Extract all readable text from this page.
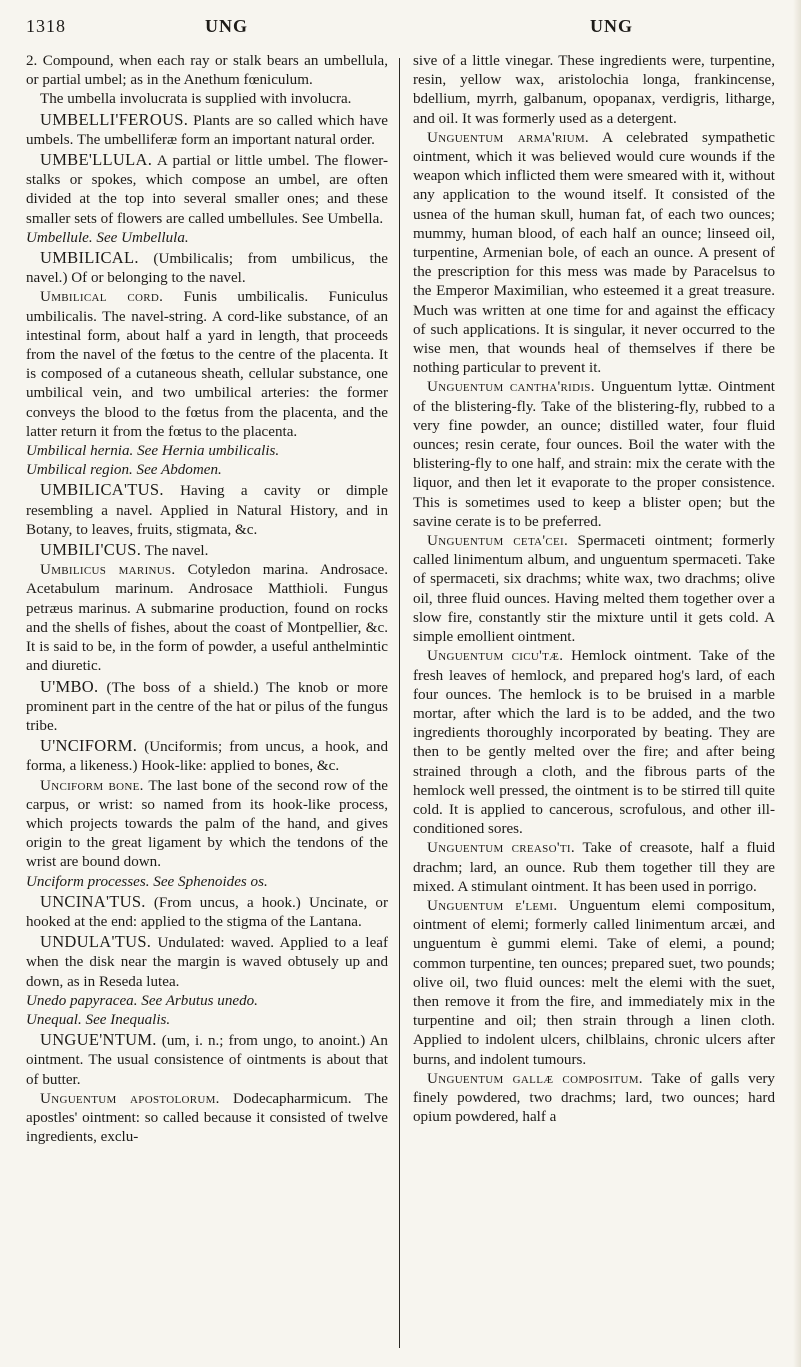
1318	UNG	UNG

2. Compound, when each ray or stalk bears an umbellula, or partial umbel; as in the Anethum fœniculum.

The umbella involucrata is supplied with involucra.

UMBELLI'FEROUS. Plants are so called which have umbels. The umbelliferæ form an important natural order.

UMBE'LLULA. A partial or little umbel. The flower-stalks or spokes, which compose an umbel, are often divided at the top into several smaller ones; and these smaller sets of flowers are called umbellules. See Umbella.

Umbellule. See Umbellula.

UMBILICAL. (Umbilicalis; from umbilicus, the navel.) Of or belonging to the navel.

Umbilical cord. Funis umbilicalis. Funiculus umbilicalis. The navel-string. A cord-like substance, of an intestinal form, about half a yard in length, that proceeds from the navel of the fœtus to the centre of the placenta. It is composed of a cutaneous sheath, cellular substance, one umbilical vein, and two umbilical arteries: the former conveys the blood to the fœtus from the placenta, and the latter return it from the fœtus to the placenta.

Umbilical hernia. See Hernia umbilicalis.

Umbilical region. See Abdomen.

UMBILICA'TUS. Having a cavity or dimple resembling a navel. Applied in Natural History, and in Botany, to leaves, fruits, stigmata, &c.

UMBILI'CUS. The navel.

Umbilicus marinus. Cotyledon marina. Androsace. Acetabulum marinum. Androsace Matthioli. Fungus petræus marinus. A submarine production, found on rocks and the shells of fishes, about the coast of Montpellier, &c. It is said to be, in the form of powder, a useful anthelmintic and diuretic.

U'MBO. (The boss of a shield.) The knob or more prominent part in the centre of the hat or pilus of the fungus tribe.

U'NCIFORM. (Unciformis; from uncus, a hook, and forma, a likeness.) Hook-like: applied to bones, &c.

Unciform bone. The last bone of the second row of the carpus, or wrist: so named from its hook-like process, which projects towards the palm of the hand, and gives origin to the great ligament by which the tendons of the wrist are bound down.

Unciform processes. See Sphenoides os.

UNCINA'TUS. (From uncus, a hook.) Uncinate, or hooked at the end: applied to the stigma of the Lantana.

UNDULA'TUS. Undulated: waved. Applied to a leaf when the disk near the margin is waved obtusely up and down, as in Reseda lutea.

Unedo papyracea. See Arbutus unedo.

Unequal. See Inequalis.

UNGUE'NTUM. (um, i. n.; from ungo, to anoint.) An ointment. The usual consistence of ointments is about that of butter.

Unguentum apostolorum. Dodecapharmicum. The apostles' ointment: so called because it consisted of twelve ingredients, exclu-

sive of a little vinegar. These ingredients were, turpentine, resin, yellow wax, aristolochia longa, frankincense, bdellium, myrrh, galbanum, opopanax, verdigris, litharge, and oil. It was formerly used as a detergent.

Unguentum arma'rium. A celebrated sympathetic ointment, which it was believed would cure wounds if the weapon which inflicted them were smeared with it, without any application to the wound itself. It consisted of the usnea of the human skull, human fat, of each two ounces; mummy, human blood, of each half an ounce; linseed oil, turpentine, Armenian bole, of each an ounce. A present of the prescription for this mess was made by Paracelsus to the Emperor Maximilian, who esteemed it a great treasure. Much was written at one time for and against the efficacy of such applications. It is singular, it never occurred to the wise men, that wounds heal of themselves if there be nothing particular to prevent it.

Unguentum cantha'ridis. Unguentum lyttæ. Ointment of the blistering-fly. Take of the blistering-fly, rubbed to a very fine powder, an ounce; distilled water, four fluid ounces; resin cerate, four ounces. Boil the water with the blistering-fly to one half, and strain: mix the cerate with the liquor, and then let it evaporate to the proper consistence. This is sometimes used to keep a blister open; but the savine cerate is to be preferred.

Unguentum ceta'cei. Spermaceti ointment; formerly called linimentum album, and unguentum spermaceti. Take of spermaceti, six drachms; white wax, two drachms; olive oil, three fluid ounces. Having melted them together over a slow fire, constantly stir the mixture until it gets cold. A simple emollient ointment.

Unguentum cicu'tæ. Hemlock ointment. Take of the fresh leaves of hemlock, and prepared hog's lard, of each four ounces. The hemlock is to be bruised in a marble mortar, after which the lard is to be added, and the two ingredients thoroughly incorporated by beating. They are then to be gently melted over the fire; and after being strained through a cloth, and the fibrous parts of the hemlock well pressed, the ointment is to be stirred till quite cold. It is applied to cancerous, scrofulous, and other ill-conditioned sores.

Unguentum creaso'ti. Take of creasote, half a fluid drachm; lard, an ounce. Rub them together till they are mixed. A stimulant ointment. It has been used in porrigo.

Unguentum e'lemi. Unguentum elemi compositum, ointment of elemi; formerly called linimentum arcæi, and unguentum è gummi elemi. Take of elemi, a pound; common turpentine, ten ounces; prepared suet, two pounds; olive oil, two fluid ounces: melt the elemi with the suet, then remove it from the fire, and immediately mix in the turpentine and oil; then strain through a linen cloth. Applied to indolent ulcers, chilblains, chronic ulcers after burns, and indolent tumours.

Unguentum gallæ compositum. Take of galls very finely powdered, two drachms; lard, two ounces; hard opium powdered, half a
